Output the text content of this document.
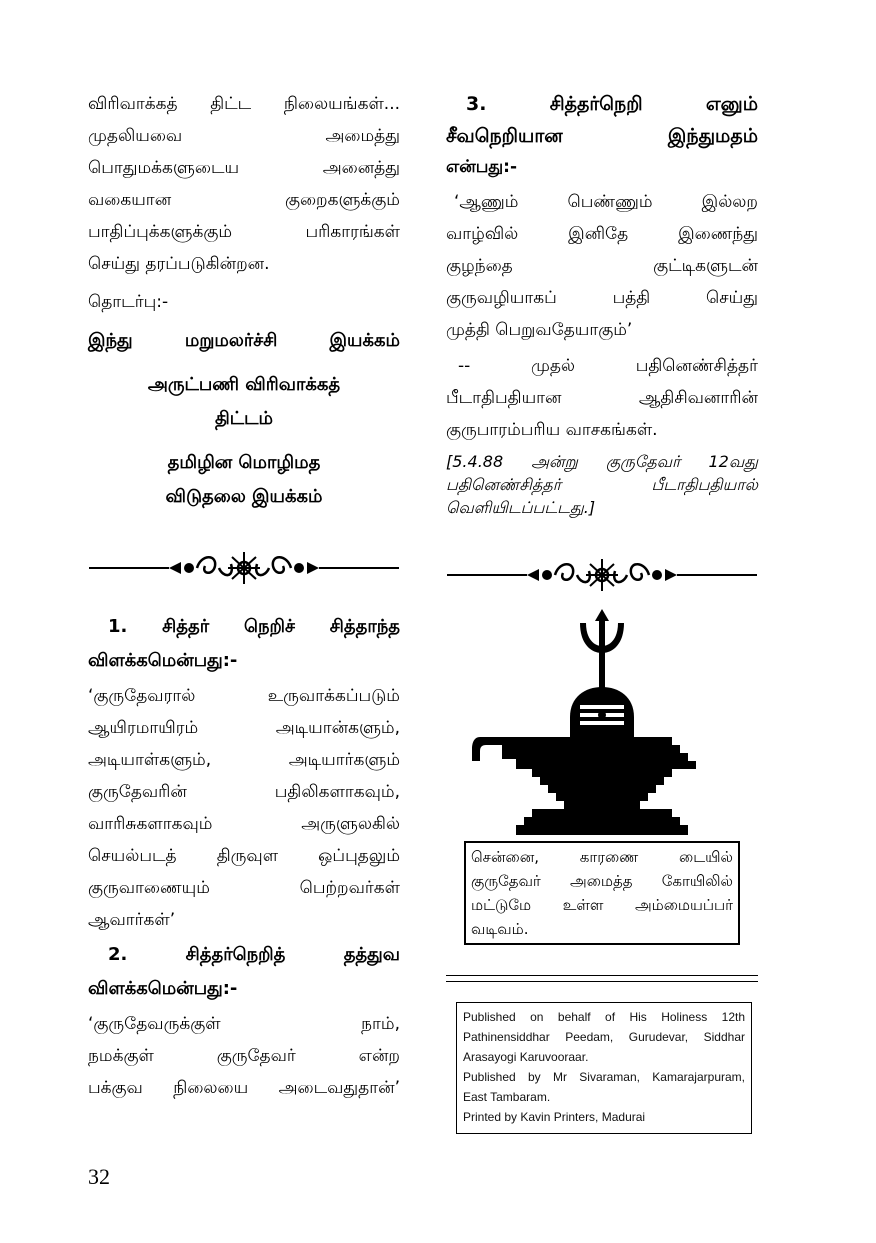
விரிவாக்கத் திட்ட நிலையங்கள்...

முதலியவை அமைத்து

பொதுமக்களுடைய அனைத்து

வகையான குறைகளுக்கும்

பாதிப்புக்களுக்கும் பரிகாரங்கள்

செய்து தரப்படுகின்றன.

தொடர்பு:-

இந்து மறுமலர்ச்சி இயக்கம்

அருட்பணி விரிவாக்கத்

திட்டம்

தமிழின மொழிமத

விடுதலை இயக்கம்

1. சித்தர் நெறிச் சித்தாந்த

விளக்கமென்பது:-

‘குருதேவரால் உருவாக்கப்படும்

ஆயிரமாயிரம் அடியான்களும்,

அடியாள்களும், அடியார்களும்

குருதேவரின் பதிலிகளாகவும்,

வாரிசுகளாகவும் அருளுலகில்

செயல்படத் திருவுள ஒப்புதலும்

குருவாணையும் பெற்றவர்கள்

ஆவார்கள்’

2. சித்தர்நெறித் தத்துவ

விளக்கமென்பது:-

‘குருதேவருக்குள் நாம்,

நமக்குள் குருதேவர் என்ற

பக்குவ நிலையை அடைவதுதான்’

3. சித்தர்நெறி எனும்

சீவநெறியான இந்துமதம்

என்பது:-

‘ஆணும் பெண்ணும் இல்லற

வாழ்வில் இனிதே இணைந்து

குழந்தை குட்டிகளுடன்

குருவழியாகப் பத்தி செய்து

முத்தி பெறுவதேயாகும்’

-- முதல் பதினெண்சித்தர்

பீடாதிபதியான ஆதிசிவனாரின்

குருபாரம்பரிய வாசகங்கள்.

[5.4.88 அன்று குருதேவர் 12வது

பதினெண்சித்தர் பீடாதிபதியால்

வெளியிடப்பட்டது.]

சென்னை, காரணை டையில்
குருதேவர் அமைத்த கோயிலில்
மட்டுமே உள்ள அம்மையப்பர்
வடிவம்.

Published on behalf of His Holiness 12th

Pathinensiddhar Peedam, Gurudevar, Siddhar

Arasayogi Karuvooraar.

Published by Mr Sivaraman, Kamarajarpuram,

East Tambaram.

Printed by Kavin Printers, Madurai

32
